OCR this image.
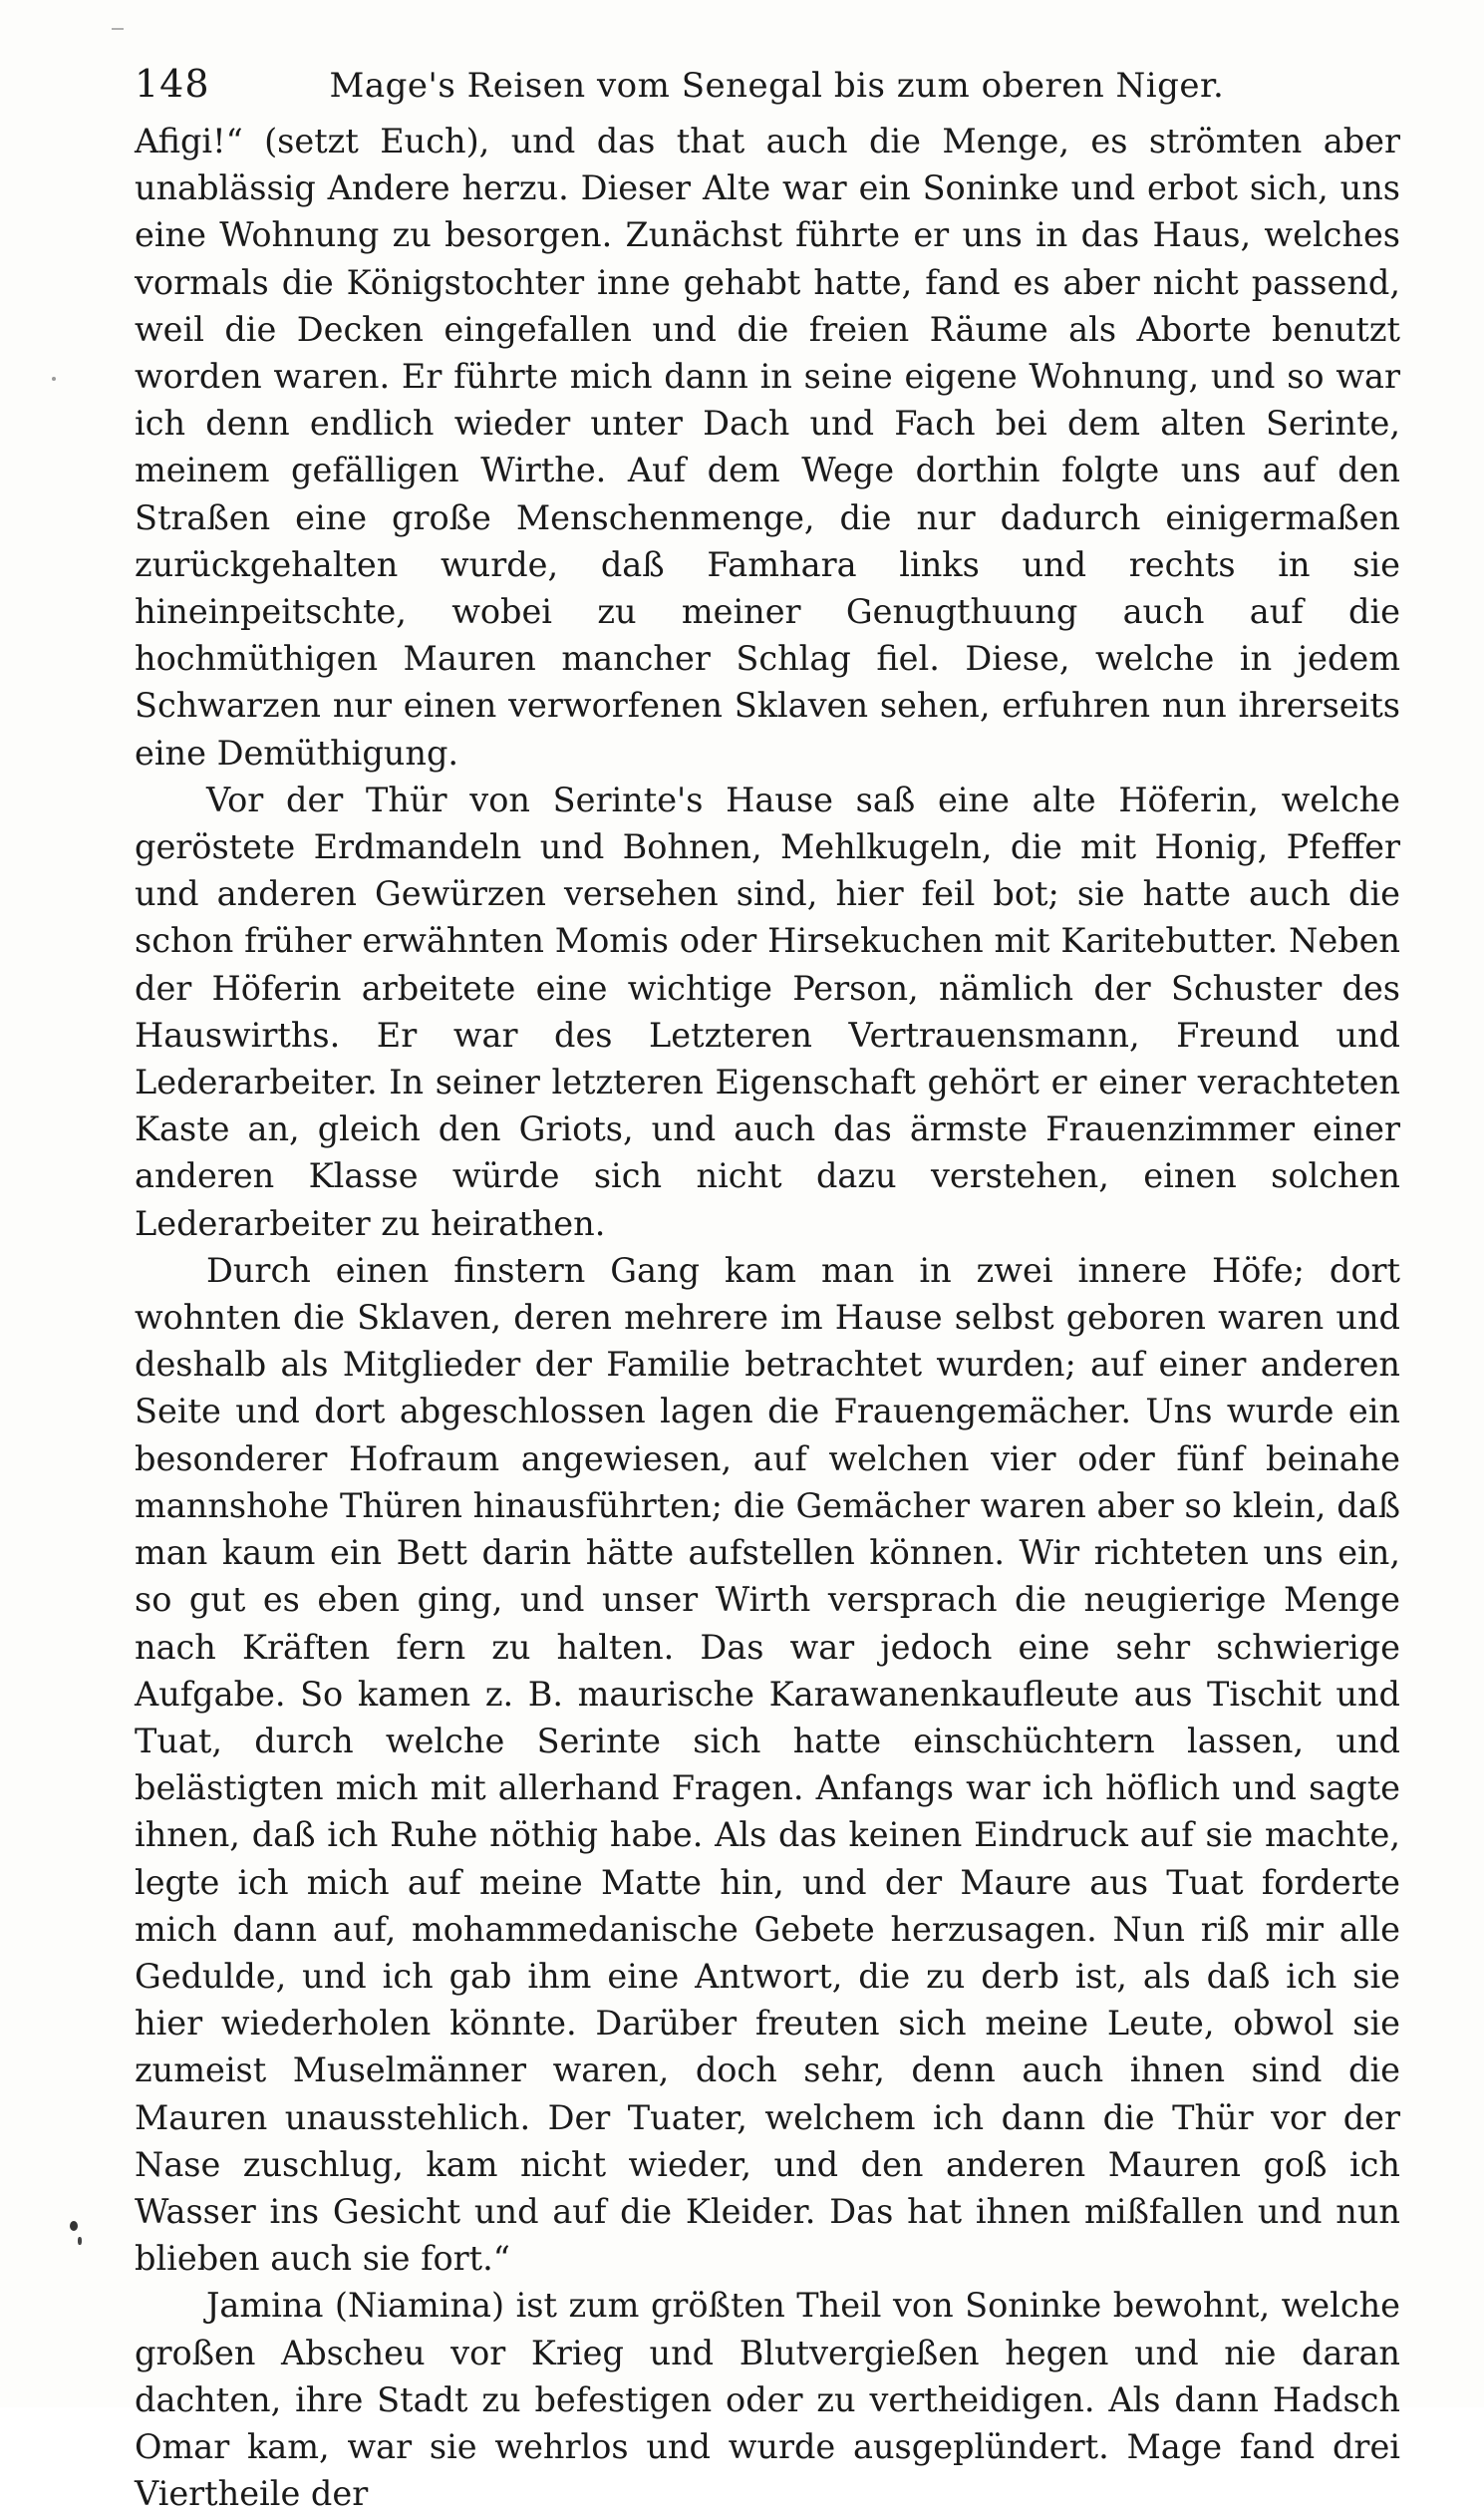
148	Mage's Reisen vom Senegal bis zum oberen Niger.

Afigi!“ (setzt Euch), und das that auch die Menge, es strömten aber unablässig Andere herzu. Dieser Alte war ein Soninke und erbot sich, uns eine Wohnung zu besorgen. Zunächst führte er uns in das Haus, welches vormals die Königstochter inne gehabt hatte, fand es aber nicht passend, weil die Decken eingefallen und die freien Räume als Aborte benutzt worden waren. Er führte mich dann in seine eigene Wohnung, und so war ich denn endlich wieder unter Dach und Fach bei dem alten Serinte, meinem gefälligen Wirthe. Auf dem Wege dorthin folgte uns auf den Straßen eine große Menschenmenge, die nur dadurch einigermaßen zurückgehalten wurde, daß Famhara links und rechts in sie hineinpeitschte, wobei zu meiner Genugthuung auch auf die hochmüthigen Mauren mancher Schlag fiel. Diese, welche in jedem Schwarzen nur einen verworfenen Sklaven sehen, erfuhren nun ihrerseits eine Demüthigung.

Vor der Thür von Serinte's Hause saß eine alte Höferin, welche geröstete Erdmandeln und Bohnen, Mehlkugeln, die mit Honig, Pfeffer und anderen Gewürzen versehen sind, hier feil bot; sie hatte auch die schon früher erwähnten Momis oder Hirsekuchen mit Karitebutter. Neben der Höferin arbeitete eine wichtige Person, nämlich der Schuster des Hauswirths. Er war des Letzteren Vertrauensmann, Freund und Lederarbeiter. In seiner letzteren Eigenschaft gehört er einer verachteten Kaste an, gleich den Griots, und auch das ärmste Frauenzimmer einer anderen Klasse würde sich nicht dazu verstehen, einen solchen Lederarbeiter zu heirathen.

Durch einen finstern Gang kam man in zwei innere Höfe; dort wohnten die Sklaven, deren mehrere im Hause selbst geboren waren und deshalb als Mitglieder der Familie betrachtet wurden; auf einer anderen Seite und dort abgeschlossen lagen die Frauengemächer. Uns wurde ein besonderer Hofraum angewiesen, auf welchen vier oder fünf beinahe mannshohe Thüren hinausführten; die Gemächer waren aber so klein, daß man kaum ein Bett darin hätte aufstellen können. Wir richteten uns ein, so gut es eben ging, und unser Wirth versprach die neugierige Menge nach Kräften fern zu halten. Das war jedoch eine sehr schwierige Aufgabe. So kamen z. B. maurische Karawanenkaufleute aus Tischit und Tuat, durch welche Serinte sich hatte einschüchtern lassen, und belästigten mich mit allerhand Fragen. Anfangs war ich höflich und sagte ihnen, daß ich Ruhe nöthig habe. Als das keinen Eindruck auf sie machte, legte ich mich auf meine Matte hin, und der Maure aus Tuat forderte mich dann auf, mohammedanische Gebete herzusagen. Nun riß mir alle Gedulde, und ich gab ihm eine Antwort, die zu derb ist, als daß ich sie hier wiederholen könnte. Darüber freuten sich meine Leute, obwol sie zumeist Muselmänner waren, doch sehr, denn auch ihnen sind die Mauren unausstehlich. Der Tuater, welchem ich dann die Thür vor der Nase zuschlug, kam nicht wieder, und den anderen Mauren goß ich Wasser ins Gesicht und auf die Kleider. Das hat ihnen mißfallen und nun blieben auch sie fort.“

Jamina (Niamina) ist zum größten Theil von Soninke bewohnt, welche großen Abscheu vor Krieg und Blutvergießen hegen und nie daran dachten, ihre Stadt zu befestigen oder zu vertheidigen. Als dann Hadsch Omar kam, war sie wehrlos und wurde ausgeplündert. Mage fand drei Viertheile der
